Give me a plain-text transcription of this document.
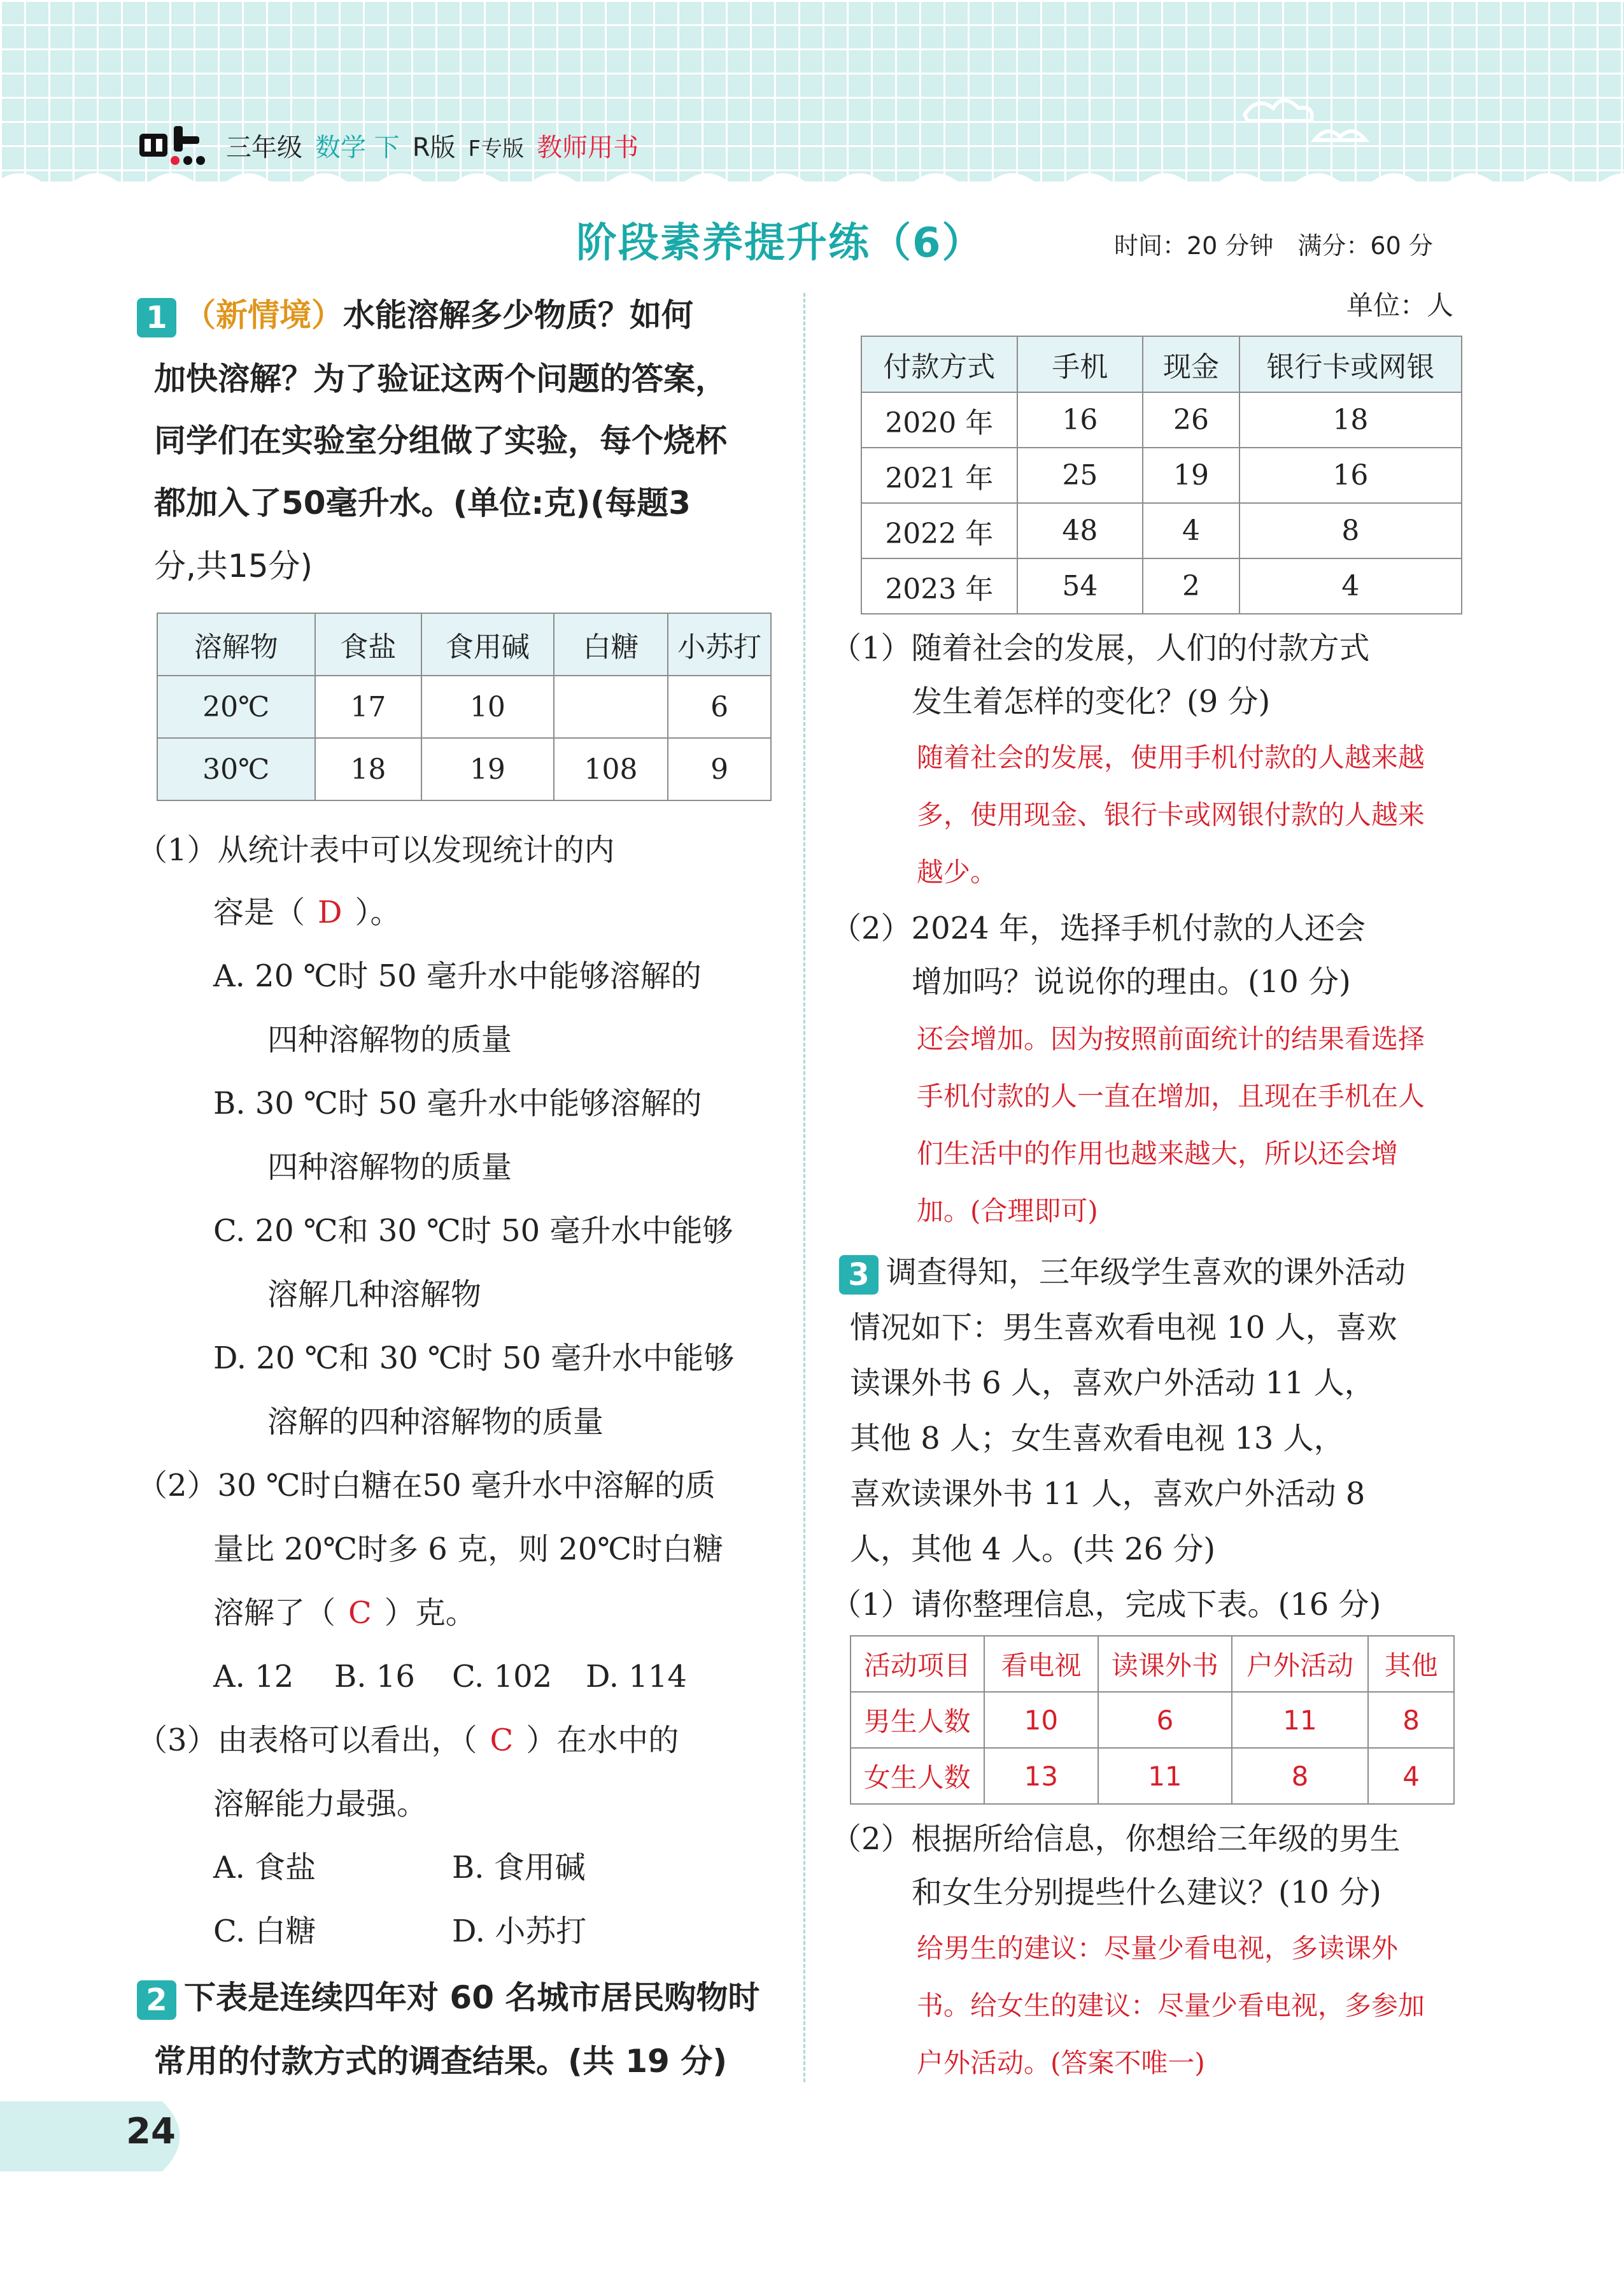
三年级 数学 下 R版 F专版 教师用书
阶段素养提升练（6）	时间：20 分钟　满分：60 分
1 （新情境）水能溶解多少物质？如何
加快溶解？为了验证这两个问题的答案，
同学们在实验室分组做了实验，每个烧杯
都加入了50毫升水。(单位:克)(每题3
分,共15分)
溶解物	食盐	食用碱	白糖	小苏打
20℃	17	10		6
30℃	18	19	108	9
（1）从统计表中可以发现统计的内
容是（ D ）。
A. 20 ℃时 50 毫升水中能够溶解的
四种溶解物的质量
B. 30 ℃时 50 毫升水中能够溶解的
四种溶解物的质量
C. 20 ℃和 30 ℃时 50 毫升水中能够
溶解几种溶解物
D. 20 ℃和 30 ℃时 50 毫升水中能够
溶解的四种溶解物的质量
（2）30 ℃时白糖在50 毫升水中溶解的质
量比 20℃时多 6 克，则 20℃时白糖
溶解了（ C ）克。
A. 12 B. 16 C. 102 D. 114
（3）由表格可以看出，（ C ）在水中的
溶解能力最强。
A. 食盐	B. 食用碱
C. 白糖	D. 小苏打
2 下表是连续四年对 60 名城市居民购物时
常用的付款方式的调查结果。(共 19 分)
单位：人
付款方式	手机	现金	银行卡或网银
2020 年	16	26	18
2021 年	25	19	16
2022 年	48	4	8
2023 年	54	2	4
（1）随着社会的发展，人们的付款方式
发生着怎样的变化？(9 分)
随着社会的发展，使用手机付款的人越来越
多，使用现金、银行卡或网银付款的人越来
越少。
（2）2024 年，选择手机付款的人还会
增加吗？说说你的理由。(10 分)
还会增加。因为按照前面统计的结果看选择
手机付款的人一直在增加，且现在手机在人
们生活中的作用也越来越大，所以还会增
加。(合理即可)
3 调查得知，三年级学生喜欢的课外活动
情况如下：男生喜欢看电视 10 人，喜欢
读课外书 6 人，喜欢户外活动 11 人，
其他 8 人；女生喜欢看电视 13 人，
喜欢读课外书 11 人，喜欢户外活动 8
人，其他 4 人。(共 26 分)
（1）请你整理信息，完成下表。(16 分)
活动项目	看电视	读课外书	户外活动	其他
男生人数	10	6	11	8
女生人数	13	11	8	4
（2）根据所给信息，你想给三年级的男生
和女生分别提些什么建议？(10 分)
给男生的建议：尽量少看电视，多读课外
书。给女生的建议：尽量少看电视，多参加
户外活动。(答案不唯一)
24
